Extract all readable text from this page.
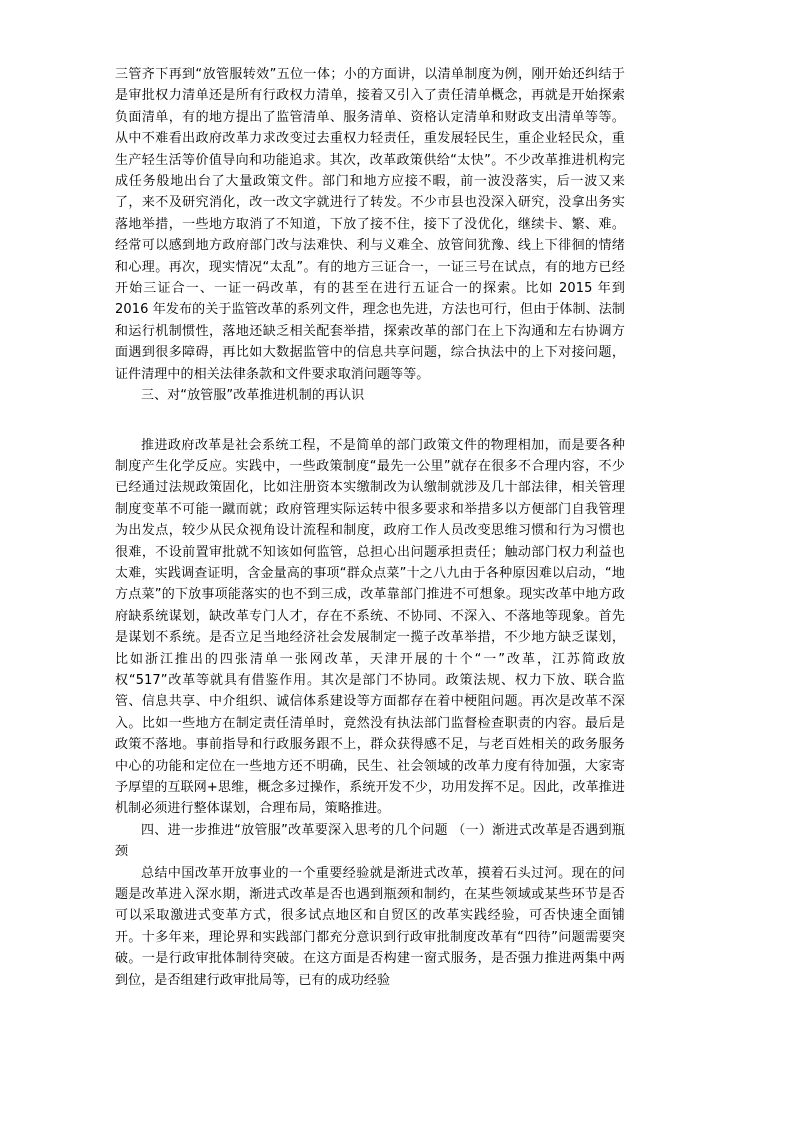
三管齐下再到“放管服转效”五位一体；小的方面讲，以清单制度为例，刚开始还纠结于是审批权力清单还是所有行政权力清单，接着又引入了责任清单概念，再就是开始探索负面清单，有的地方提出了监管清单、服务清单、资格认定清单和财政支出清单等等。从中不难看出政府改革力求改变过去重权力轻责任，重发展轻民生，重企业轻民众，重生产轻生活等价值导向和功能追求。其次，改革政策供给“太快”。不少改革推进机构完成任务般地出台了大量政策文件。部门和地方应接不暇，前一波没落实，后一波又来了，来不及研究消化，改一改文字就进行了转发。不少市县也没深入研究，没拿出务实落地举措，一些地方取消了不知道，下放了接不住，接下了没优化，继续卡、繁、难。经常可以感到地方政府部门改与法难快、利与义难全、放管间犹豫、线上下徘徊的情绪和心理。再次，现实情况“太乱”。有的地方三证合一，一证三号在试点，有的地方已经开始三证合一、一证一码改革，有的甚至在进行五证合一的探索。比如 2015 年到 2016 年发布的关于监管改革的系列文件，理念也先进，方法也可行，但由于体制、法制和运行机制惯性，落地还缺乏相关配套举措，探索改革的部门在上下沟通和左右协调方面遇到很多障碍，再比如大数据监管中的信息共享问题，综合执法中的上下对接问题，证件清理中的相关法律条款和文件要求取消问题等等。

三、对“放管服”改革推进机制的再认识

推进政府改革是社会系统工程，不是简单的部门政策文件的物理相加，而是要各种制度产生化学反应。实践中，一些政策制度“最先一公里”就存在很多不合理内容，不少已经通过法规政策固化，比如注册资本实缴制改为认缴制就涉及几十部法律，相关管理制度变革不可能一蹴而就；政府管理实际运转中很多要求和举措多以方便部门自我管理为出发点，较少从民众视角设计流程和制度，政府工作人员改变思维习惯和行为习惯也很难，不设前置审批就不知该如何监管，总担心出问题承担责任；触动部门权力利益也太难，实践调查证明，含金量高的事项“群众点菜”十之八九由于各种原因难以启动，“地方点菜”的下放事项能落实的也不到三成，改革靠部门推进不可想象。现实改革中地方政府缺系统谋划，缺改革专门人才，存在不系统、不协同、不深入、不落地等现象。首先是谋划不系统。是否立足当地经济社会发展制定一揽子改革举措，不少地方缺乏谋划，比如浙江推出的四张清单一张网改革，天津开展的十个“一”改革，江苏简政放权“517”改革等就具有借鉴作用。其次是部门不协同。政策法规、权力下放、联合监管、信息共享、中介组织、诚信体系建设等方面都存在着中梗阻问题。再次是改革不深入。比如一些地方在制定责任清单时，竟然没有执法部门监督检查职责的内容。最后是政策不落地。事前指导和行政服务跟不上，群众获得感不足，与老百姓相关的政务服务中心的功能和定位在一些地方还不明确，民生、社会领域的改革力度有待加强，大家寄予厚望的互联网+思维，概念多过操作，系统开发不少，功用发挥不足。因此，改革推进机制必须进行整体谋划，合理布局，策略推进。

四、进一步推进“放管服”改革要深入思考的几个问题 （一）渐进式改革是否遇到瓶颈

总结中国改革开放事业的一个重要经验就是渐进式改革，摸着石头过河。现在的问题是改革进入深水期，渐进式改革是否也遇到瓶颈和制约，在某些领域或某些环节是否可以采取激进式变革方式，很多试点地区和自贸区的改革实践经验，可否快速全面铺开。十多年来，理论界和实践部门都充分意识到行政审批制度改革有“四待”问题需要突破。一是行政审批体制待突破。在这方面是否构建一窗式服务，是否强力推进两集中两到位，是否组建行政审批局等，已有的成功经验
